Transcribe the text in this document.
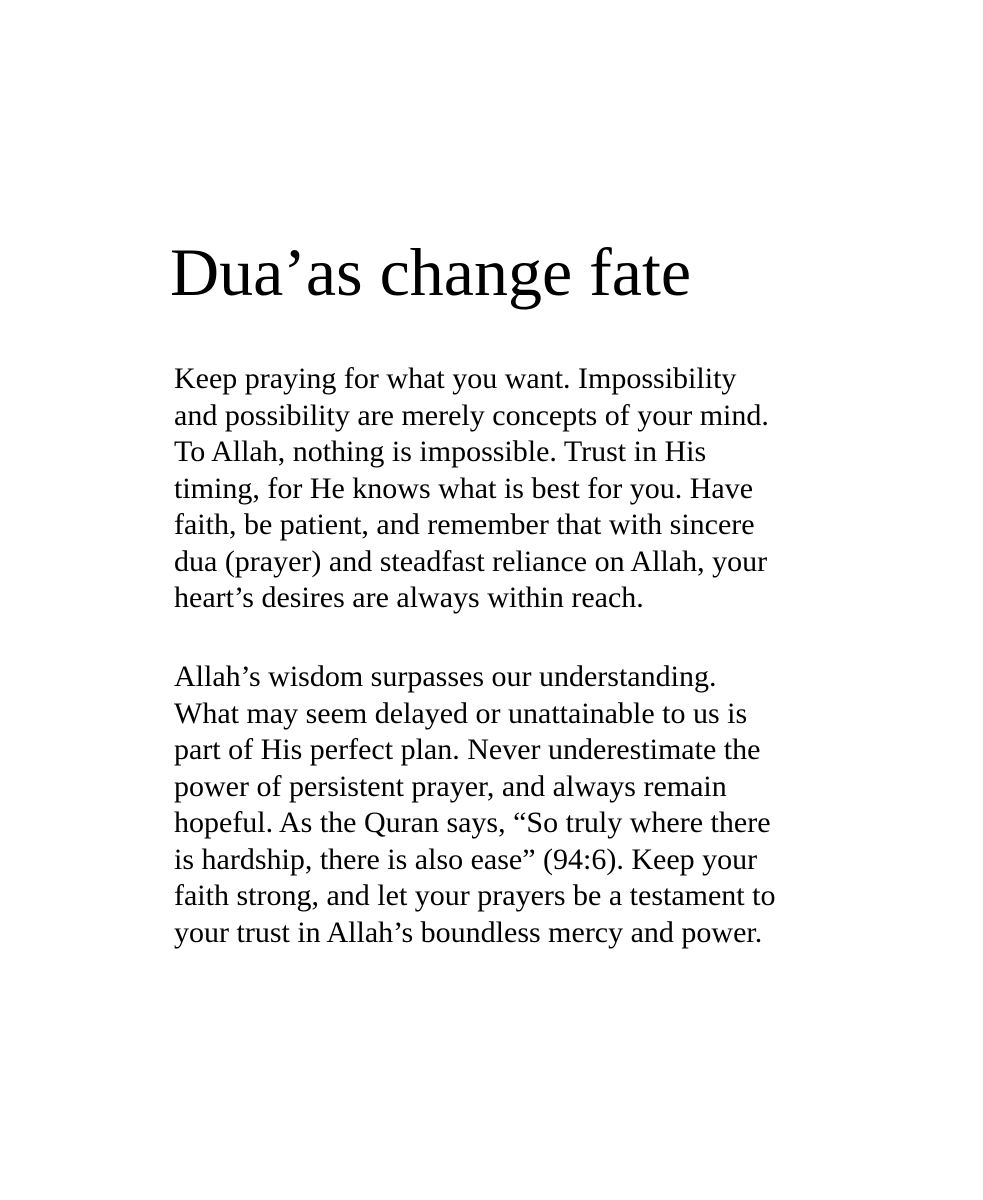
Dua’as change fate

Keep praying for what you want. Impossibility
and possibility are merely concepts of your mind.
To Allah, nothing is impossible. Trust in His
timing, for He knows what is best for you. Have
faith, be patient, and remember that with sincere
dua (prayer) and steadfast reliance on Allah, your
heart’s desires are always within reach.

Allah’s wisdom surpasses our understanding.
What may seem delayed or unattainable to us is
part of His perfect plan. Never underestimate the
power of persistent prayer, and always remain
hopeful. As the Quran says, “So truly where there
is hardship, there is also ease” (94:6). Keep your
faith strong, and let your prayers be a testament to
your trust in Allah’s boundless mercy and power.
